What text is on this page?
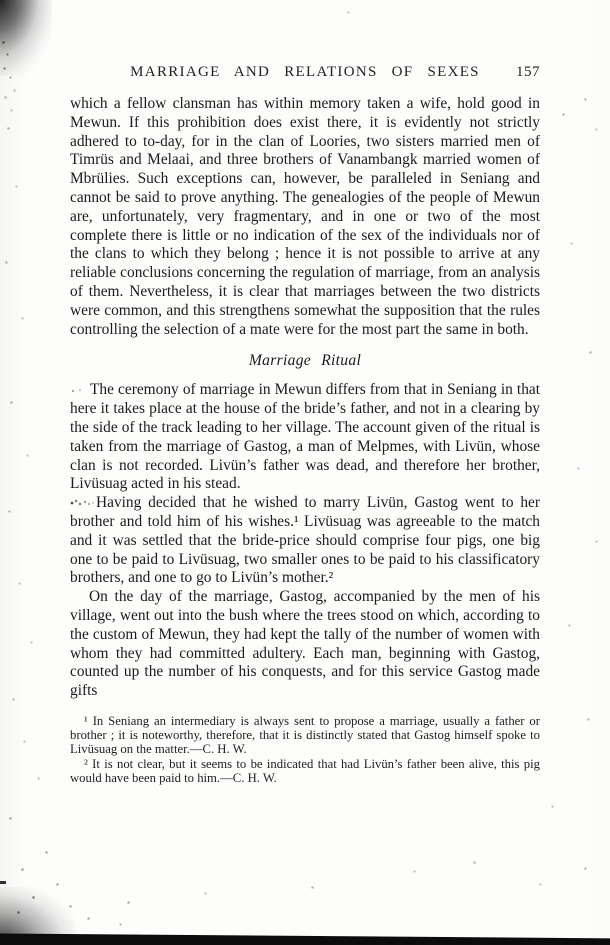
MARRIAGE AND RELATIONS OF SEXES 157

which a fellow clansman has within memory taken a wife, hold good in Mewun. If this prohibition does exist there, it is evidently not strictly adhered to to-day, for in the clan of Loories, two sisters married men of Timrüs and Melaai, and three brothers of Vanambangk married women of Mbrülies. Such exceptions can, however, be paralleled in Seniang and cannot be said to prove anything. The genealogies of the people of Mewun are, unfortunately, very fragmentary, and in one or two of the most complete there is little or no indication of the sex of the individuals nor of the clans to which they belong ; hence it is not possible to arrive at any reliable conclusions concerning the regulation of marriage, from an analysis of them. Nevertheless, it is clear that marriages between the two districts were common, and this strengthens somewhat the supposition that the rules controlling the selection of a mate were for the most part the same in both.

Marriage Ritual

The ceremony of marriage in Mewun differs from that in Seniang in that here it takes place at the house of the bride’s father, and not in a clearing by the side of the track leading to her village. The account given of the ritual is taken from the marriage of Gastog, a man of Melpmes, with Livün, whose clan is not recorded. Livün’s father was dead, and therefore her brother, Livüsuag acted in his stead.

Having decided that he wished to marry Livün, Gastog went to her brother and told him of his wishes.¹ Livüsuag was agreeable to the match and it was settled that the bride-price should comprise four pigs, one big one to be paid to Livüsuag, two smaller ones to be paid to his classificatory brothers, and one to go to Livün’s mother.²

On the day of the marriage, Gastog, accompanied by the men of his village, went out into the bush where the trees stood on which, according to the custom of Mewun, they had kept the tally of the number of women with whom they had committed adultery. Each man, beginning with Gastog, counted up the number of his conquests, and for this service Gastog made gifts

¹ In Seniang an intermediary is always sent to propose a marriage, usually a father or brother ; it is noteworthy, therefore, that it is distinctly stated that Gastog himself spoke to Livüsuag on the matter.—C. H. W.

² It is not clear, but it seems to be indicated that had Livün’s father been alive, this pig would have been paid to him.—C. H. W.
